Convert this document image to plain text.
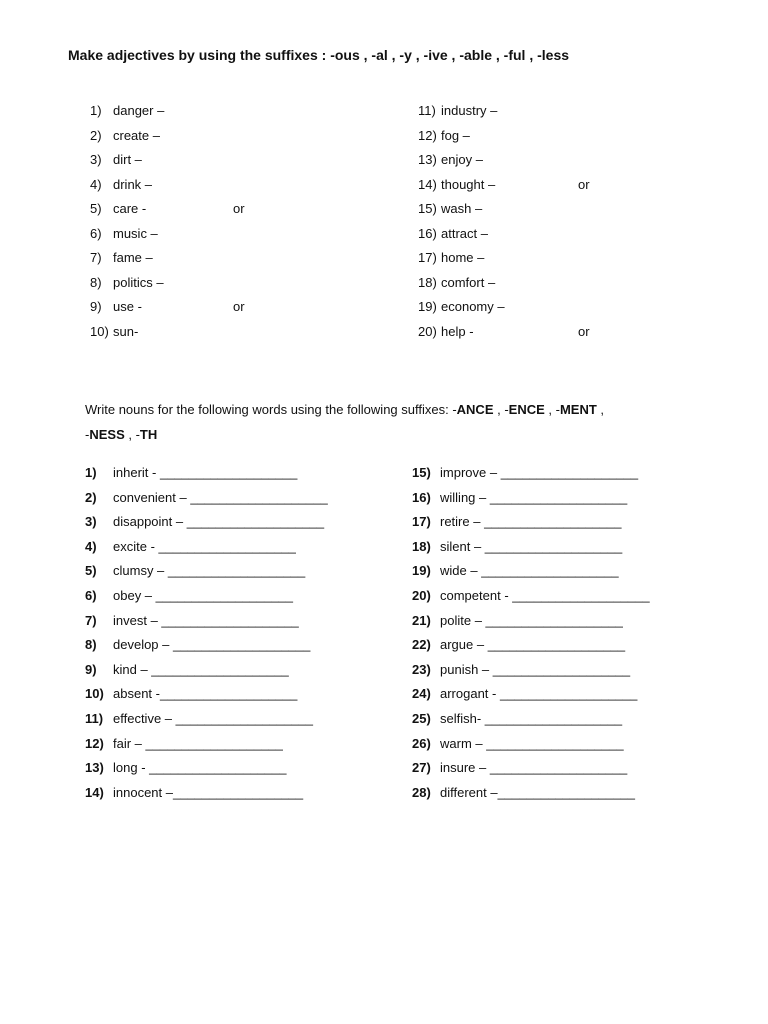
Make adjectives by using the suffixes : -ous , -al , -y , -ive , -able , -ful , -less
1) danger –
2) create –
3) dirt –
4) drink –
5) care -	or
6) music –
7) fame –
8) politics –
9) use -	or
10) sun-
11) industry –
12) fog –
13) enjoy –
14) thought –	or
15) wash –
16) attract –
17) home –
18) comfort –
19) economy –
20) help -	or
Write nouns for the following words using the following suffixes: -ANCE , -ENCE , -MENT ,
-NESS , -TH
1) inherit - ___________________
2) convenient – ___________________
3) disappoint – ___________________
4) excite - ___________________
5) clumsy – ___________________
6) obey – ___________________
7) invest – ___________________
8) develop – ___________________
9) kind – ___________________
10) absent -___________________
11) effective – ___________________
12) fair – ___________________
13) long - ___________________
14) innocent –__________________
15) improve – ___________________
16) willing – ___________________
17) retire – ___________________
18) silent – ___________________
19) wide – ___________________
20) competent - ___________________
21) polite – ___________________
22) argue – ___________________
23) punish – ___________________
24) arrogant - ___________________
25) selfish- ___________________
26) warm – ___________________
27) insure – ___________________
28) different –___________________
